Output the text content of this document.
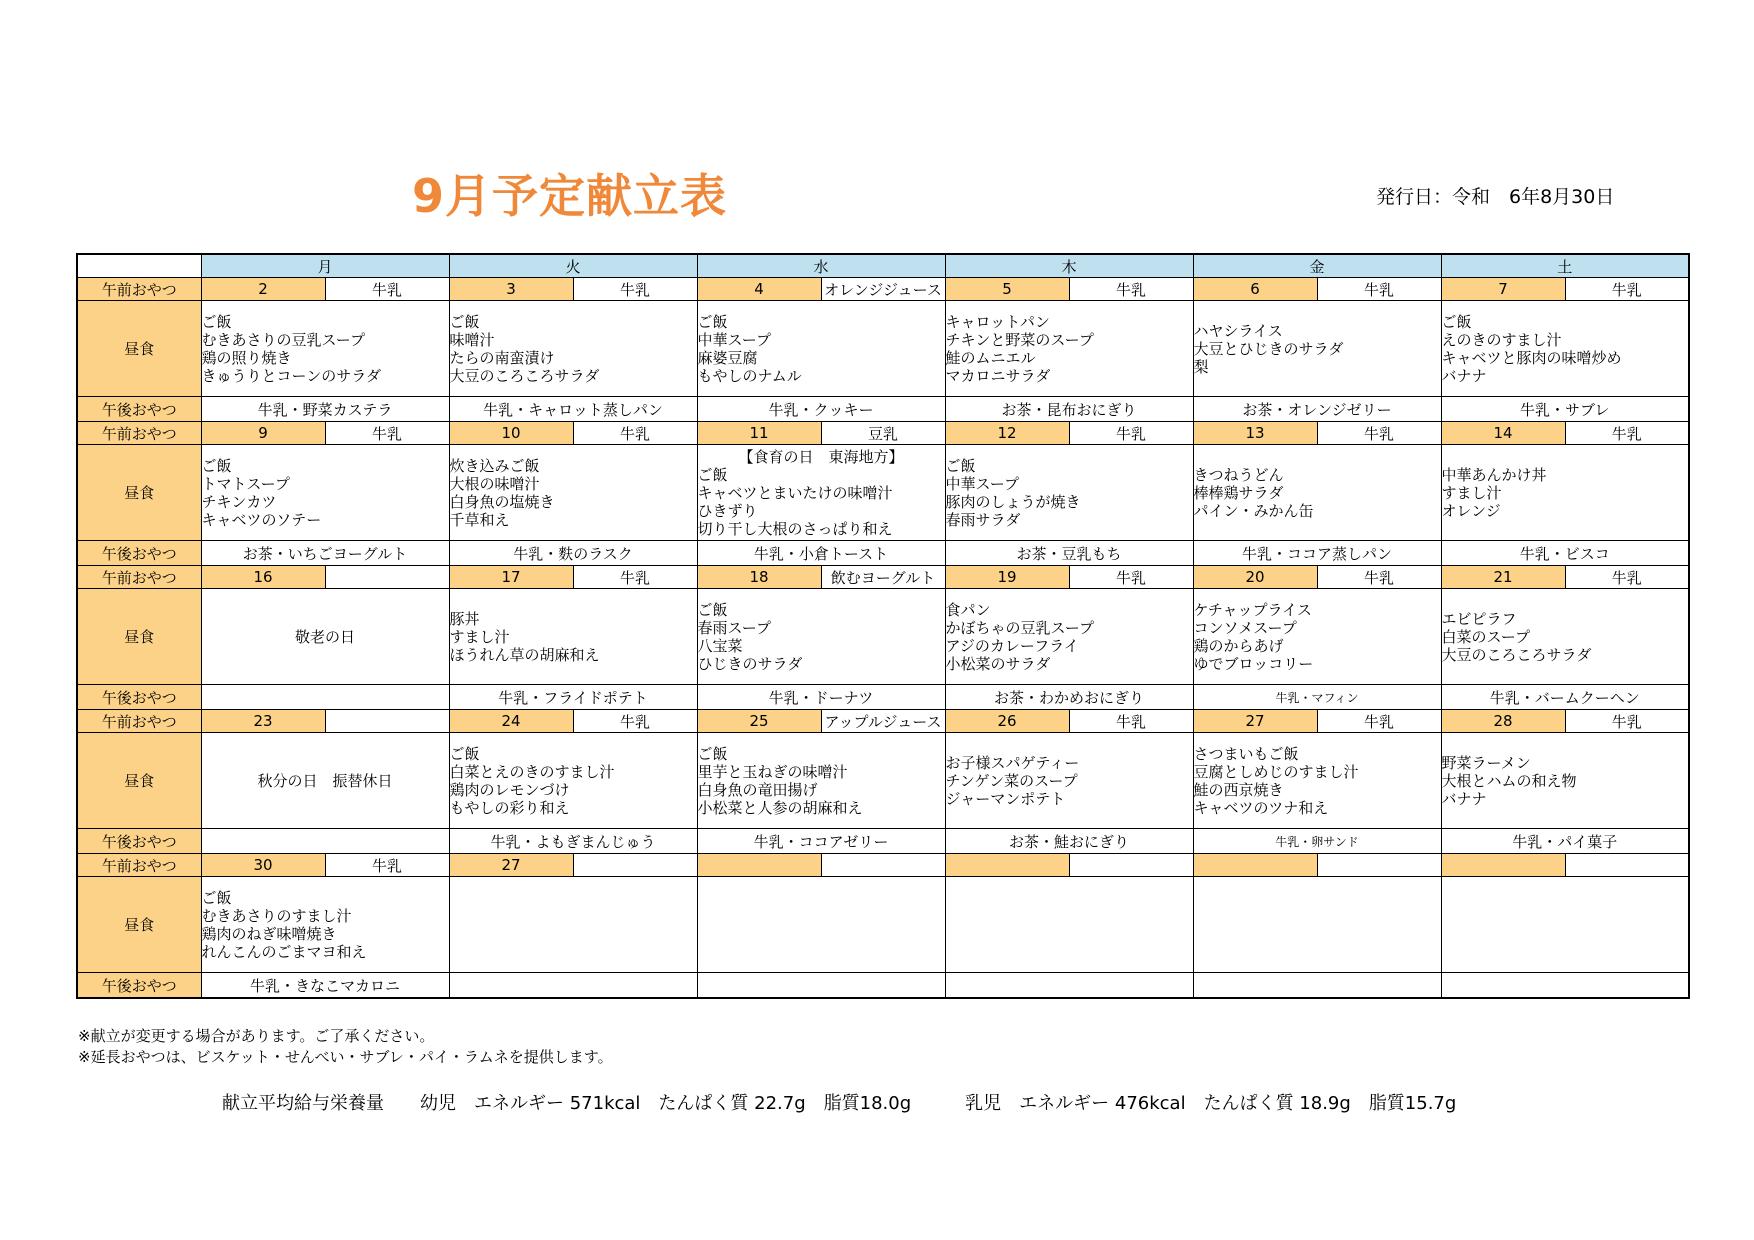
9月予定献立表	発行日：令和　6年8月30日
	月		火		水		木		金		土	
午前おやつ	2	牛乳	3	牛乳	4	オレンジジュース	5	牛乳	6	牛乳	7	牛乳
昼食	ご飯
むきあさりの豆乳スープ
鶏の照り焼き
きゅうりとコーンのサラダ		ご飯
味噌汁
たらの南蛮漬け
大豆のころころサラダ		ご飯
中華スープ
麻婆豆腐
もやしのナムル		キャロットパン
チキンと野菜のスープ
鮭のムニエル
マカロニサラダ		ハヤシライス
大豆とひじきのサラダ
梨		ご飯
えのきのすまし汁
キャベツと豚肉の味噌炒め
バナナ	

午後おやつ	牛乳・野菜カステラ		牛乳・キャロット蒸しパン		牛乳・クッキー		お茶・昆布おにぎり		お茶・オレンジゼリー		牛乳・サブレ	
午前おやつ	9	牛乳	10	牛乳	11	豆乳	12	牛乳	13	牛乳	14	牛乳
昼食	ご飯
トマトスープ
チキンカツ
キャベツのソテー		炊き込みご飯
大根の味噌汁
白身魚の塩焼き
千草和え		【食育の日　東海地方】
ご飯
キャベツとまいたけの味噌汁
ひきずり
切り干し大根のさっぱり和え		ご飯
中華スープ
豚肉のしょうが焼き
春雨サラダ		きつねうどん
棒棒鶏サラダ
パイン・みかん缶		中華あんかけ丼
すまし汁
オレンジ	

午後おやつ	お茶・いちごヨーグルト		牛乳・麩のラスク		牛乳・小倉トースト		お茶・豆乳もち		牛乳・ココア蒸しパン		牛乳・ビスコ	
午前おやつ	16		17	牛乳	18	飲むヨーグルト	19	牛乳	20	牛乳	21	牛乳
昼食	敬老の日		豚丼
すまし汁
ほうれん草の胡麻和え		ご飯
春雨スープ
八宝菜
ひじきのサラダ		食パン
かぼちゃの豆乳スープ
アジのカレーフライ
小松菜のサラダ		ケチャップライス
コンソメスープ
鶏のからあげ
ゆでブロッコリー		エビピラフ
白菜のスープ
大豆のころころサラダ	

午後おやつ			牛乳・フライドポテト		牛乳・ドーナツ		お茶・わかめおにぎり		牛乳・マフィン		牛乳・バームクーヘン	
午前おやつ	23		24	牛乳	25	アップルジュース	26	牛乳	27	牛乳	28	牛乳
昼食	秋分の日　振替休日		ご飯
白菜とえのきのすまし汁
鶏肉のレモンづけ
もやしの彩り和え		ご飯
里芋と玉ねぎの味噌汁
白身魚の竜田揚げ
小松菜と人参の胡麻和え		お子様スパゲティー
チンゲン菜のスープ
ジャーマンポテト		さつまいもご飯
豆腐としめじのすまし汁
鮭の西京焼き
キャベツのツナ和え		野菜ラーメン
大根とハムの和え物
バナナ	

午後おやつ			牛乳・よもぎまんじゅう		牛乳・ココアゼリー		お茶・鮭おにぎり		牛乳・卵サンド		牛乳・パイ菓子	
午前おやつ	30	牛乳	27									
昼食	ご飯
むきあさりのすまし汁
鶏肉のねぎ味噌焼き
れんこんのごまマヨ和え											

午後おやつ	牛乳・きなこマカロニ											
※献立が変更する場合があります。ご了承ください。
※延長おやつは、ビスケット・せんべい・サブレ・パイ・ラムネを提供します。
献立平均給与栄養量　　幼児　エネルギー 571kcal　たんぱく質 22.7g　脂質18.0g　　　乳児　エネルギー 476kcal　たんぱく質 18.9g　脂質15.7g
